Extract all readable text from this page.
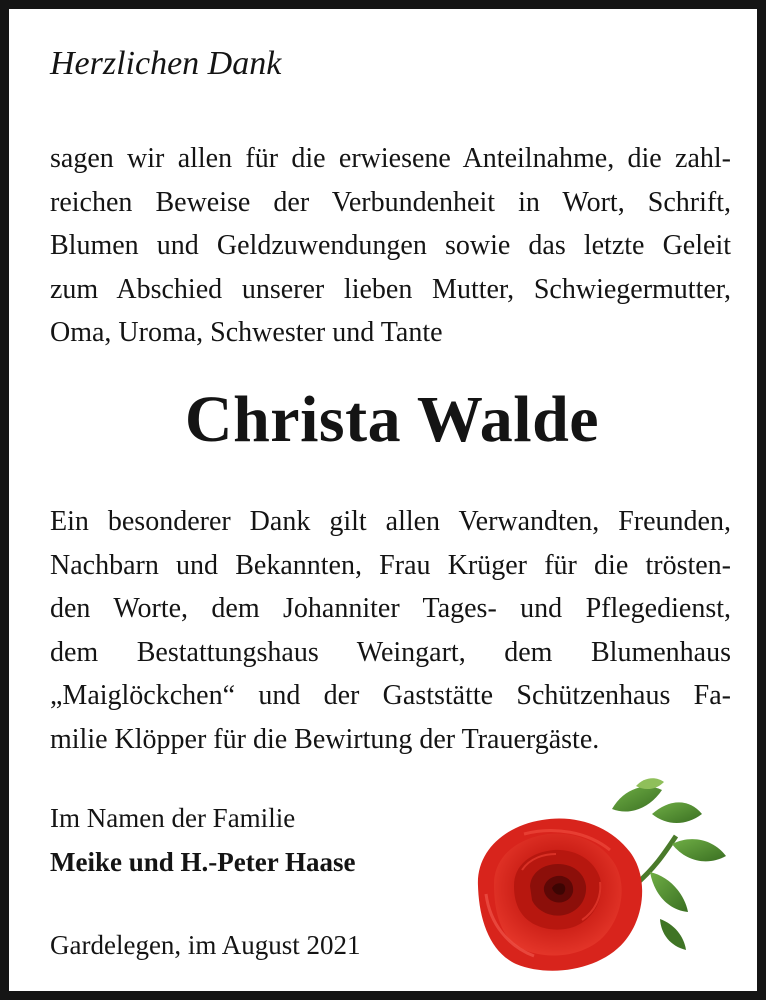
Herzlichen Dank
sagen wir allen für die erwiesene Anteilnahme, die zahl-
reichen Beweise der Verbundenheit in Wort, Schrift,
Blumen und Geldzuwendungen sowie das letzte Geleit
zum Abschied unserer lieben Mutter, Schwiegermutter,
Oma, Uroma, Schwester und Tante
Christa Walde
Ein besonderer Dank gilt allen Verwandten, Freunden,
Nachbarn und Bekannten, Frau Krüger für die trösten-
den Worte, dem Johanniter Tages- und Pflegedienst,
dem Bestattungshaus Weingart, dem Blumenhaus
„Maiglöckchen“ und der Gaststätte Schützenhaus Fa-
milie Klöpper für die Bewirtung der Trauergäste.
Im Namen der Familie
Meike und H.-Peter Haase
Gardelegen, im August 2021
